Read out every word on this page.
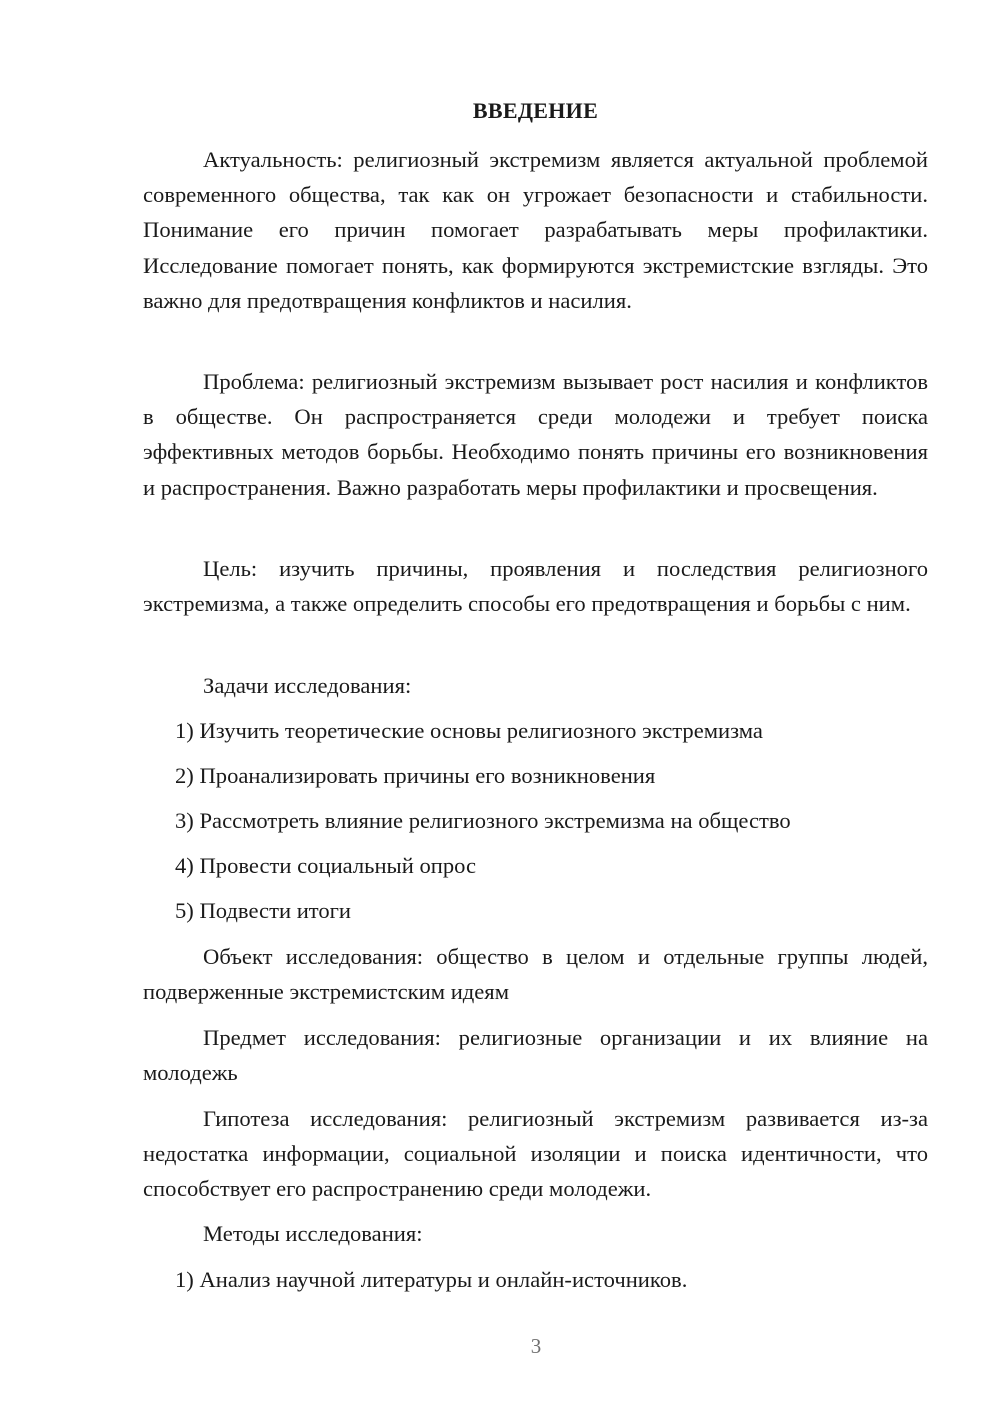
ВВЕДЕНИЕ

Актуальность: религиозный экстремизм является актуальной проблемой современного общества, так как он угрожает безопасности и стабильности. Понимание его причин помогает разрабатывать меры профилактики. Исследование помогает понять, как формируются экстремистские взгляды. Это важно для предотвращения конфликтов и насилия.

Проблема: религиозный экстремизм вызывает рост насилия и конфликтов в обществе. Он распространяется среди молодежи и требует поиска эффективных методов борьбы. Необходимо понять причины его возникновения и распространения. Важно разработать меры профилактики и просвещения.

Цель: изучить причины, проявления и последствия религиозного экстремизма, а также определить способы его предотвращения и борьбы с ним.

Задачи исследования:

1) Изучить теоретические основы религиозного экстремизма

2) Проанализировать причины его возникновения

3) Рассмотреть влияние религиозного экстремизма на общество

4) Провести социальный опрос

5) Подвести итоги

Объект исследования: общество в целом и отдельные группы людей, подверженные экстремистским идеям

Предмет исследования: религиозные организации и их влияние на молодежь

Гипотеза исследования: религиозный экстремизм развивается из-за недостатка информации, социальной изоляции и поиска идентичности, что способствует его распространению среди молодежи.

Методы исследования:

1) Анализ научной литературы и онлайн-источников.

3
